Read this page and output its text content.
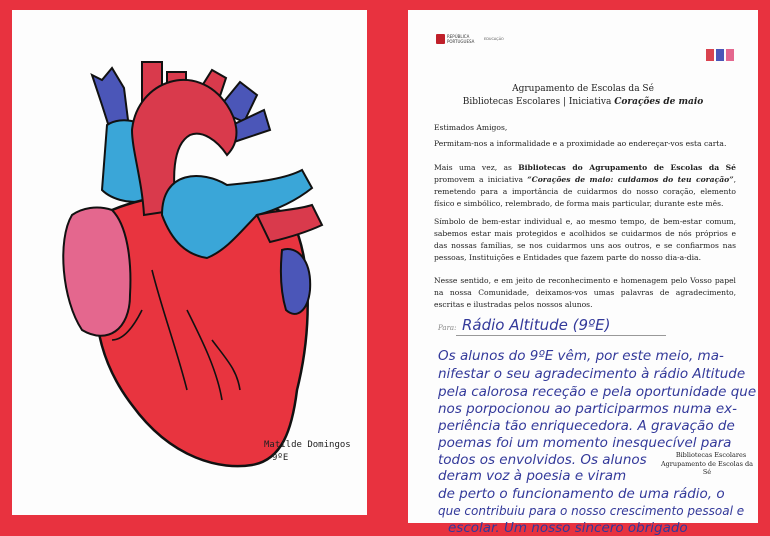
Matilde Domingos
9ºE
REPÚBLICA PORTUGUESA	EDUCAÇÃO
Agrupamento de Escolas da Sé
Bibliotecas Escolares | Iniciativa Corações de maio

Estimados Amigos,

Permitam-nos a informalidade e a proximidade ao endereçar-vos esta carta.

Mais uma vez, as Bibliotecas do Agrupamento de Escolas da Sé promovem a iniciativa “Corações de maio: cuidamos do teu coração”, remetendo para a importância de cuidarmos do nosso coração, elemento físico e simbólico, relembrado, de forma mais particular, durante este mês.

Símbolo de bem-estar individual e, ao mesmo tempo, de bem-estar comum, sabemos estar mais protegidos e acolhidos se cuidarmos de nós próprios e das nossas famílias, se nos cuidarmos uns aos outros, e se confiarmos nas pessoas, Instituições e Entidades que fazem parte do nosso dia-a-dia.

Nesse sentido, e em jeito de reconhecimento e homenagem pelo Vosso papel na nossa Comunidade, deixamos-vos umas palavras de agradecimento, escritas e ilustradas pelos nossos alunos.

Para: Rádio Altitude (9ºE)
Os alunos do 9ºE vêm, por este meio, ma-
nifestar o seu agradecimento à rádio Altitude
pela calorosa receção e pela oportunidade que
nos porpocionou ao participarmos numa ex-
periência tão enriquecedora. A gravação de
poemas foi um momento inesquecível para
todos os envolvidos. Os alunos
deram voz à poesia e viram
de perto o funcionamento de uma rádio, o
que contribuiu para o nosso crescimento pessoal e
escolar. Um nosso sincero obrigado
Bibliotecas Escolares
Agrupamento de Escolas da Sé
